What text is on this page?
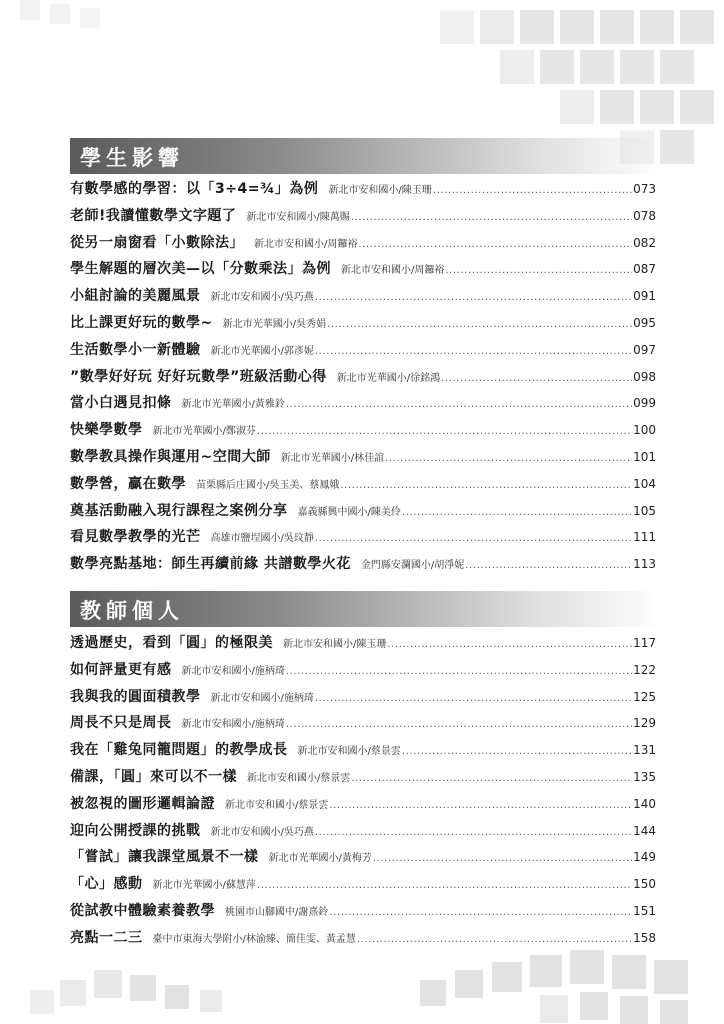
學生影響
有數學感的學習：以「3÷4=¾」為例 新北市安和國小/陳玉珊 .....	073
老師!我讀懂數學文字題了 新北市安和國小/陳萬賜 .....	078
從另一扇窗看「小數除法」 新北市安和國小/周鑼裕 .....	082
學生解題的層次美—以「分數乘法」為例 新北市安和國小/周鑼裕 .....	087
小組討論的美麗風景 新北市安和國小/吳巧燕 .....	091
比上課更好玩的數學~ 新北市光華國小/吳秀娟 .....	095
生活數學小一新體驗 新北市光華國小/郭彥妮 .....	097
”數學好好玩 好好玩數學”班級活動心得 新北市光華國小/徐銘鴻 .....	098
當小白遇見扣條 新北市光華國小/黃雅鈴 .....	099
快樂學數學 新北市光華國小/鄭淑芬 .....	100
數學教具操作與運用~空間大師 新北市光華國小/林佳誼 .....	101
數學營，贏在數學 苗栗縣后庄國小/吳玉美、蔡鳳娥 .....	104
奠基活動融入現行課程之案例分享 嘉義縣興中國小/陳美伶 .....	105
看見數學教學的光芒 高雄市鹽埕國小/吳玟靜 .....	111
數學亮點基地：師生再續前緣 共譜數學火花 金門縣安瀾國小/胡淨妮 .....	113
教師個人
透過歷史，看到「圓」的極限美 新北市安和國小/陳玉珊 .....	117
如何評量更有感 新北市安和國小/施柄琦 .....	122
我與我的圓面積教學 新北市安和國小/施柄琦 .....	125
周長不只是周長 新北市安和國小/施柄琦 .....	129
我在「雞兔同籠問題」的教學成長 新北市安和國小/蔡景雲 .....	131
備課，「圓」來可以不一樣 新北市安和國小/蔡景雲 .....	135
被忽視的圖形邏輯論證 新北市安和國小/蔡景雲 .....	140
迎向公開授課的挑戰 新北市安和國小/吳巧燕 .....	144
「嘗試」讓我課堂風景不一樣 新北市光華國小/黃梅芳 .....	149
「心」感動 新北市光華國小/蘇慧萍 .....	150
從試教中體驗素養教學 桃園市山腳國中/謝熹鈴 .....	151
亮點一二三 臺中市東海大學附小/林渝臻、簡佳雯、黃孟慧 .....	158
